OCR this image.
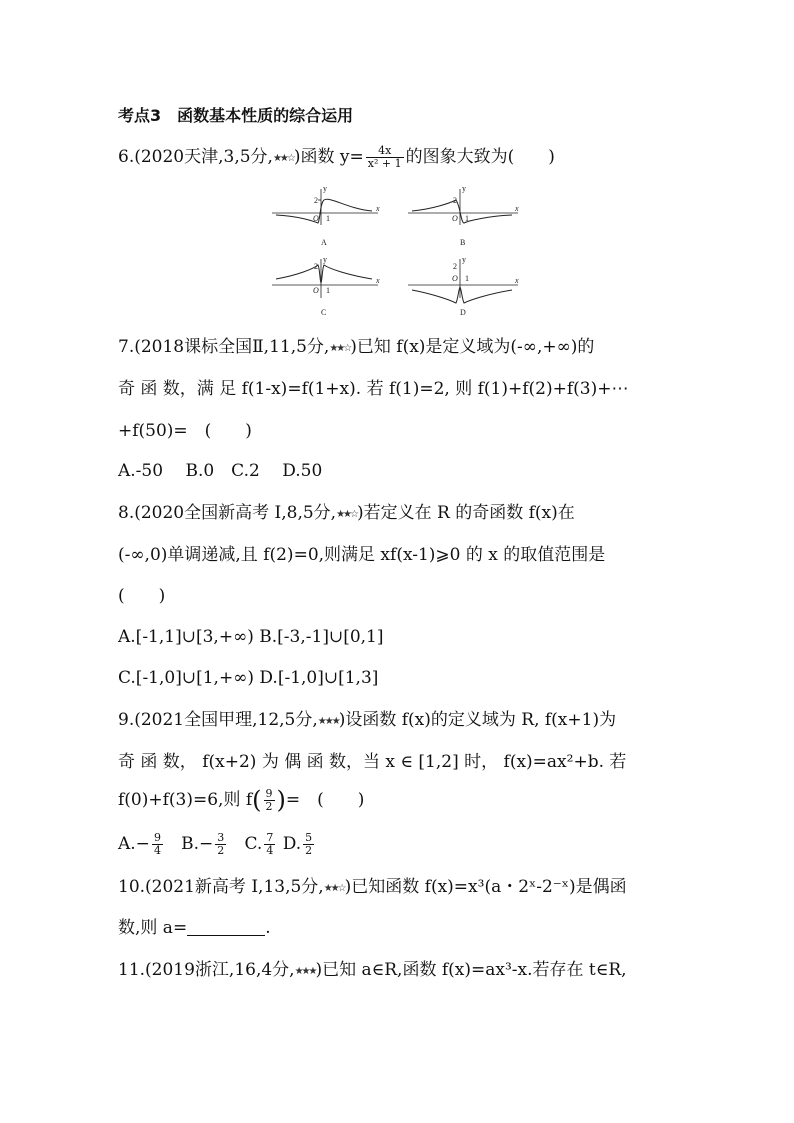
考点3　函数基本性质的综合运用
6.(2020天津,3,5分,★★☆)函数 $y= \frac{4x}{\text{x² + 1}}$ 的图象大致为(　　)
y
2
O 1
x
A
y
2
O 1
x
B
y
2
O 1
x
C
y
2
O 1	x
D
7.(2018课标全国Ⅱ,11,5分,★★☆)已知 f(x)是定义域为(-∞,+∞)的
奇 函 数，满 足 f(1-x)=f(1+x). 若 f(1)=2, 则 f(1)+f(2)+f(3)+⋯
+f(50)=　(　　)
A.-50　 B.0　C.2　 D.50
8.(2020全国新高考 Ⅰ,8,5分,★★☆)若定义在 R 的奇函数 f(x)在
(-∞,0)单调递减,且 f(2)=0,则满足 xf(x-1)⩾0 的 x 的取值范围是
(　　)
A.[-1,1]∪[3,+∞) B.[-3,-1]∪[0,1]
C.[-1,0]∪[1,+∞) D.[-1,0]∪[1,3]
9.(2021全国甲理,12,5分,★★★)设函数 f(x)的定义域为 R, f(x+1)为
奇 函 数， f(x+2) 为 偶 函 数，当 x ∈ [1,2] 时， f(x)=ax²+b. 若
f(0)+f(3)=6,则 $f( \frac{9}{2}$ )=　(　　)
$A.- \frac{9}{4} B.- \frac{3}{2} C$. $\frac{7}{4} D$. $\frac{5}{2}$
10.(2021新高考 Ⅰ,13,5分,★★☆)已知函数 f(x)=x³(a・2ˣ-2⁻ˣ)是偶函
数,则 a=	.
11.(2019浙江,16,4分,★★★)已知 a∈R,函数 f(x)=ax³-x.若存在 t∈R,
